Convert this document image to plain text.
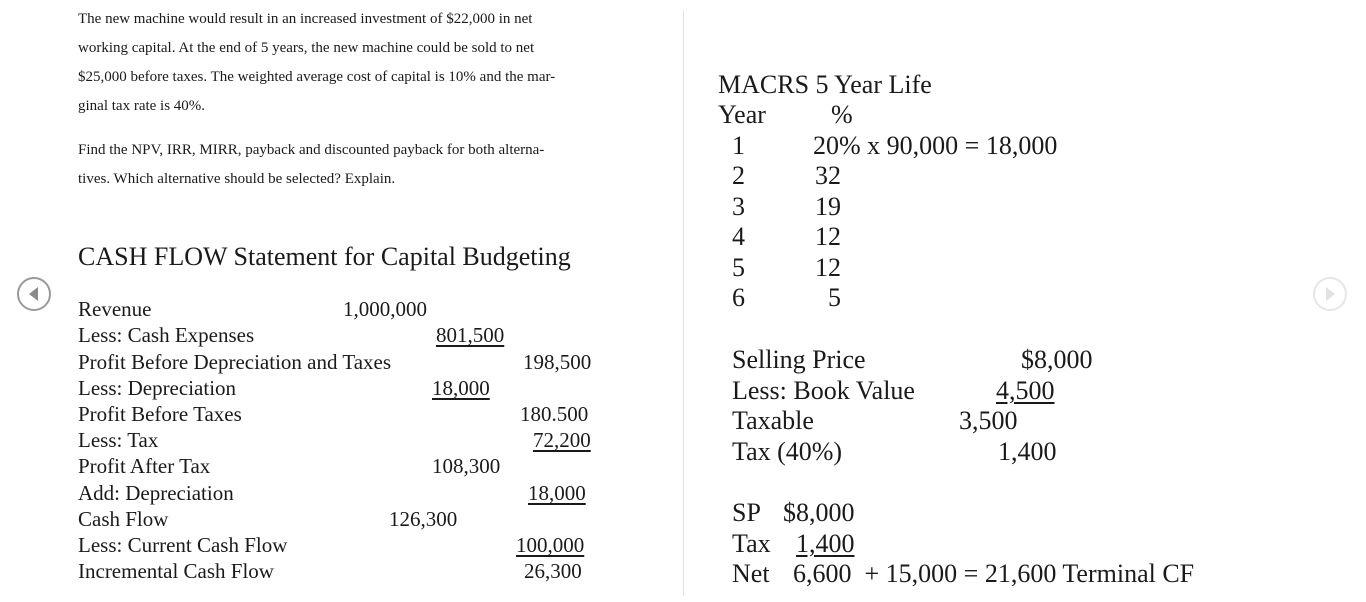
The new machine would result in an increased investment of $22,000 in net
working capital. At the end of 5 years, the new machine could be sold to net
$25,000 before taxes. The weighted average cost of capital is 10% and the mar-
ginal tax rate is 40%.
Find the NPV, IRR, MIRR, payback and discounted payback for both alterna-
tives. Which alternative should be selected? Explain.
CASH FLOW Statement for Capital Budgeting
Revenue	1,000,000
Less: Cash Expenses	801,500
Profit Before Depreciation and Taxes	198,500
Less: Depreciation	18,000
Profit Before Taxes	180.500
Less: Tax	72,200
Profit After Tax	108,300
Add: Depreciation	18,000
Cash Flow	126,300
Less: Current Cash Flow	100,000
Incremental Cash Flow	26,300
MACRS 5 Year Life
Year	%
1	20% x 90,000 = 18,000
2	32
3	19
4	12
5	12
6	5
Selling Price	$8,000
Less: Book Value	4,500
Taxable	3,500
Tax (40%)	1,400
SP $8,000
Tax 1,400
Net 6,600  + 15,000 = 21,600 Terminal CF
